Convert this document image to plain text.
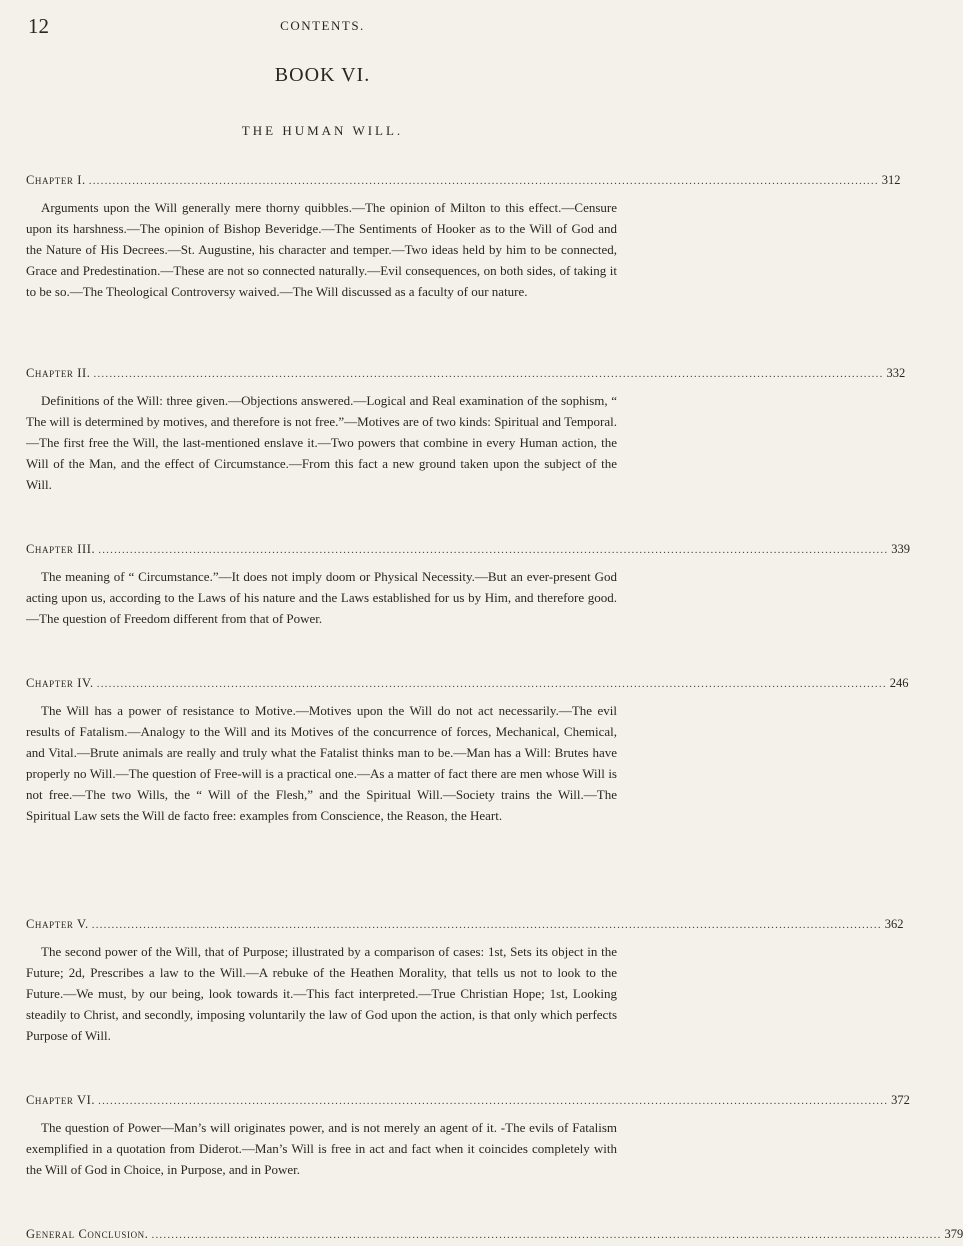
12	CONTENTS.
BOOK VI.
THE HUMAN WILL.
Chapter I. ........................................................................................................................................................................................................ 312

Arguments upon the Will generally mere thorny quibbles.—The opinion of Milton to this effect.—Censure upon its harshness.—The opinion of Bishop Beveridge.—The Sentiments of Hooker as to the Will of God and the Nature of His Decrees.—St. Augustine, his character and temper.—Two ideas held by him to be connected, Grace and Predestination.—These are not so connected naturally.—Evil consequences, on both sides, of taking it to be so.—The Theological Controversy waived.—The Will discussed as a faculty of our nature.

Chapter II. ........................................................................................................................................................................................................ 332

Definitions of the Will: three given.—Objections answered.—Logical and Real examination of the sophism, “ The will is determined by motives, and therefore is not free.”—Motives are of two kinds: Spiritual and Temporal.—The first free the Will, the last-mentioned enslave it.—Two powers that combine in every Human action, the Will of the Man, and the effect of Circumstance.—From this fact a new ground taken upon the subject of the Will.

Chapter III. ........................................................................................................................................................................................................ 339

The meaning of “ Circumstance.”—It does not imply doom or Physical Necessity.—But an ever-present God acting upon us, according to the Laws of his nature and the Laws established for us by Him, and therefore good.—The question of Freedom different from that of Power.

Chapter IV. ........................................................................................................................................................................................................ 246

The Will has a power of resistance to Motive.—Motives upon the Will do not act necessarily.—The evil results of Fatalism.—Analogy to the Will and its Motives of the concurrence of forces, Mechanical, Chemical, and Vital.—Brute animals are really and truly what the Fatalist thinks man to be.—Man has a Will: Brutes have properly no Will.—The question of Free-will is a practical one.—As a matter of fact there are men whose Will is not free.—The two Wills, the “ Will of the Flesh,” and the Spiritual Will.—Society trains the Will.—The Spiritual Law sets the Will de facto free: examples from Conscience, the Reason, the Heart.

Chapter V. ........................................................................................................................................................................................................ 362

The second power of the Will, that of Purpose; illustrated by a comparison of cases: 1st, Sets its object in the Future; 2d, Prescribes a law to the Will.—A rebuke of the Heathen Morality, that tells us not to look to the Future.—We must, by our being, look towards it.—This fact interpreted.—True Christian Hope; 1st, Looking steadily to Christ, and secondly, imposing voluntarily the law of God upon the action, is that only which perfects Purpose of Will.

Chapter VI. ........................................................................................................................................................................................................ 372

The question of Power—Man’s will originates power, and is not merely an agent of it. -The evils of Fatalism exemplified in a quotation from Diderot.—Man’s Will is free in act and fact when it coincides completely with the Will of God in Choice, in Purpose, and in Power.

General Conclusion. ........................................................................................................................................................................................................ 379
